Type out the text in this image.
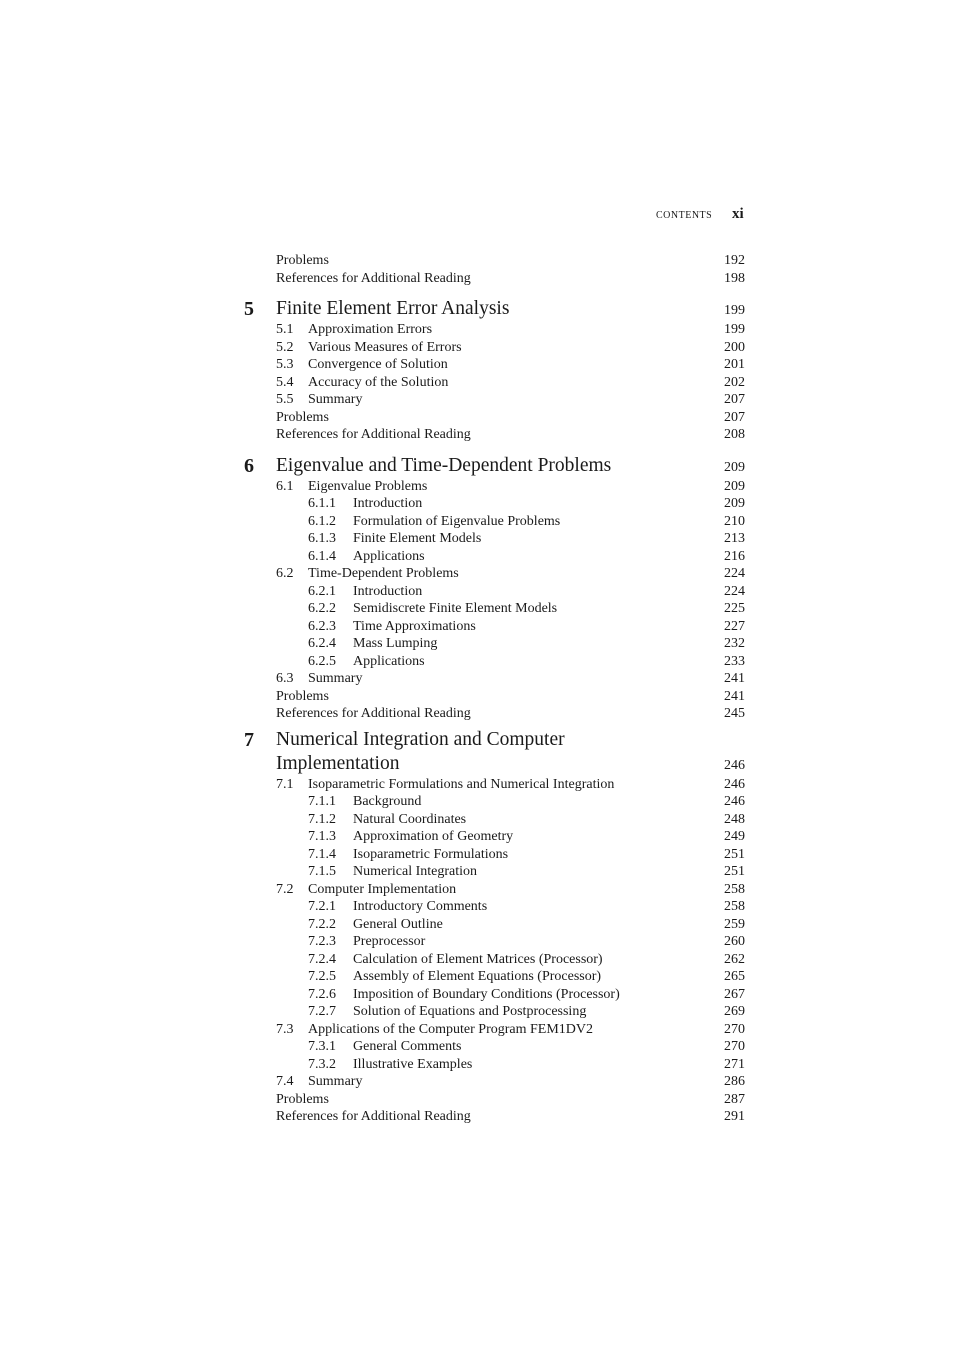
CONTENTS xi
Problems	192
References for Additional Reading	198
5 Finite Element Error Analysis	199
5.1 Approximation Errors	199
5.2 Various Measures of Errors	200
5.3 Convergence of Solution	201
5.4 Accuracy of the Solution	202
5.5 Summary	207
Problems	207
References for Additional Reading	208
6 Eigenvalue and Time-Dependent Problems	209
6.1 Eigenvalue Problems	209
6.1.1 Introduction	209
6.1.2 Formulation of Eigenvalue Problems	210
6.1.3 Finite Element Models	213
6.1.4 Applications	216
6.2 Time-Dependent Problems	224
6.2.1 Introduction	224
6.2.2 Semidiscrete Finite Element Models	225
6.2.3 Time Approximations	227
6.2.4 Mass Lumping	232
6.2.5 Applications	233
6.3 Summary	241
Problems	241
References for Additional Reading	245
7 Numerical Integration and Computer
Implementation	246
7.1 Isoparametric Formulations and Numerical Integration	246
7.1.1 Background	246
7.1.2 Natural Coordinates	248
7.1.3 Approximation of Geometry	249
7.1.4 Isoparametric Formulations	251
7.1.5 Numerical Integration	251
7.2 Computer Implementation	258
7.2.1 Introductory Comments	258
7.2.2 General Outline	259
7.2.3 Preprocessor	260
7.2.4 Calculation of Element Matrices (Processor)	262
7.2.5 Assembly of Element Equations (Processor)	265
7.2.6 Imposition of Boundary Conditions (Processor)	267
7.2.7 Solution of Equations and Postprocessing	269
7.3 Applications of the Computer Program FEM1DV2	270
7.3.1 General Comments	270
7.3.2 Illustrative Examples	271
7.4 Summary	286
Problems	287
References for Additional Reading	291
